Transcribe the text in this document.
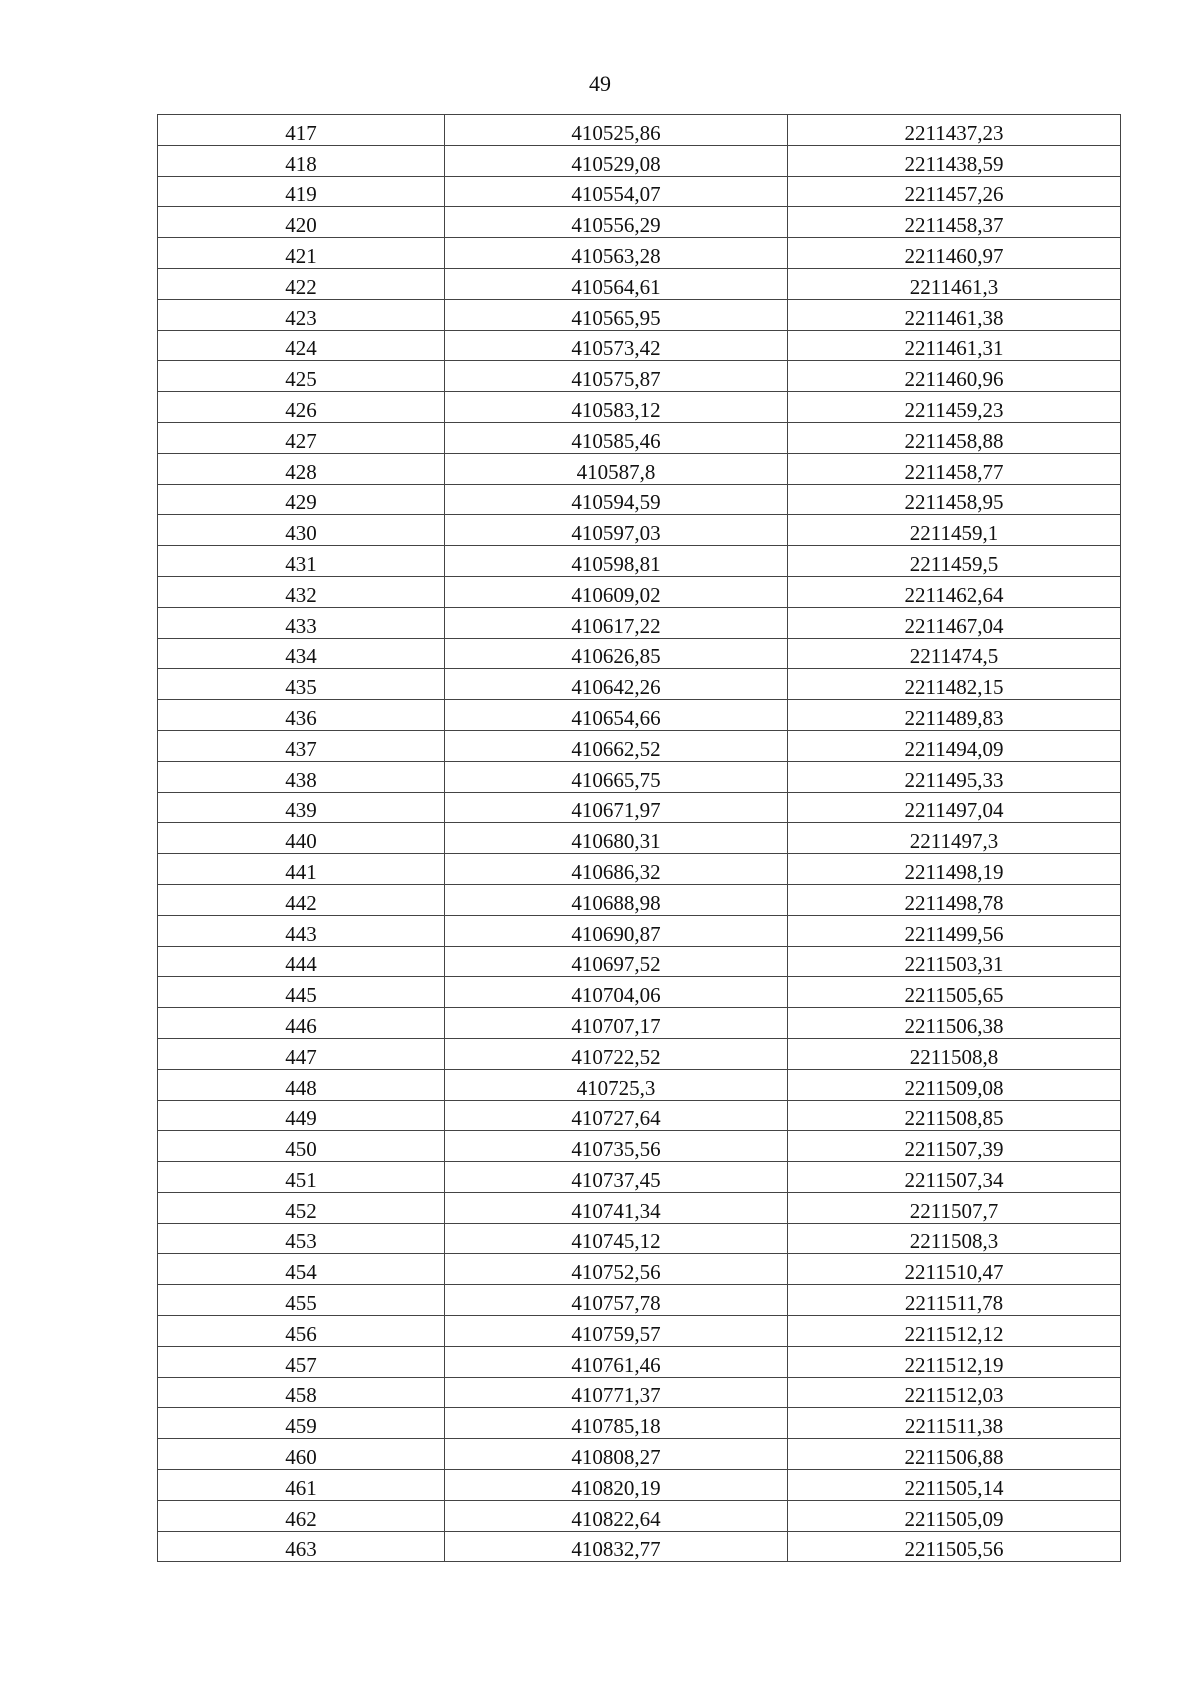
49
417	410525,86	2211437,23
418	410529,08	2211438,59
419	410554,07	2211457,26
420	410556,29	2211458,37
421	410563,28	2211460,97
422	410564,61	2211461,3
423	410565,95	2211461,38
424	410573,42	2211461,31
425	410575,87	2211460,96
426	410583,12	2211459,23
427	410585,46	2211458,88
428	410587,8	2211458,77
429	410594,59	2211458,95
430	410597,03	2211459,1
431	410598,81	2211459,5
432	410609,02	2211462,64
433	410617,22	2211467,04
434	410626,85	2211474,5
435	410642,26	2211482,15
436	410654,66	2211489,83
437	410662,52	2211494,09
438	410665,75	2211495,33
439	410671,97	2211497,04
440	410680,31	2211497,3
441	410686,32	2211498,19
442	410688,98	2211498,78
443	410690,87	2211499,56
444	410697,52	2211503,31
445	410704,06	2211505,65
446	410707,17	2211506,38
447	410722,52	2211508,8
448	410725,3	2211509,08
449	410727,64	2211508,85
450	410735,56	2211507,39
451	410737,45	2211507,34
452	410741,34	2211507,7
453	410745,12	2211508,3
454	410752,56	2211510,47
455	410757,78	2211511,78
456	410759,57	2211512,12
457	410761,46	2211512,19
458	410771,37	2211512,03
459	410785,18	2211511,38
460	410808,27	2211506,88
461	410820,19	2211505,14
462	410822,64	2211505,09
463	410832,77	2211505,56
